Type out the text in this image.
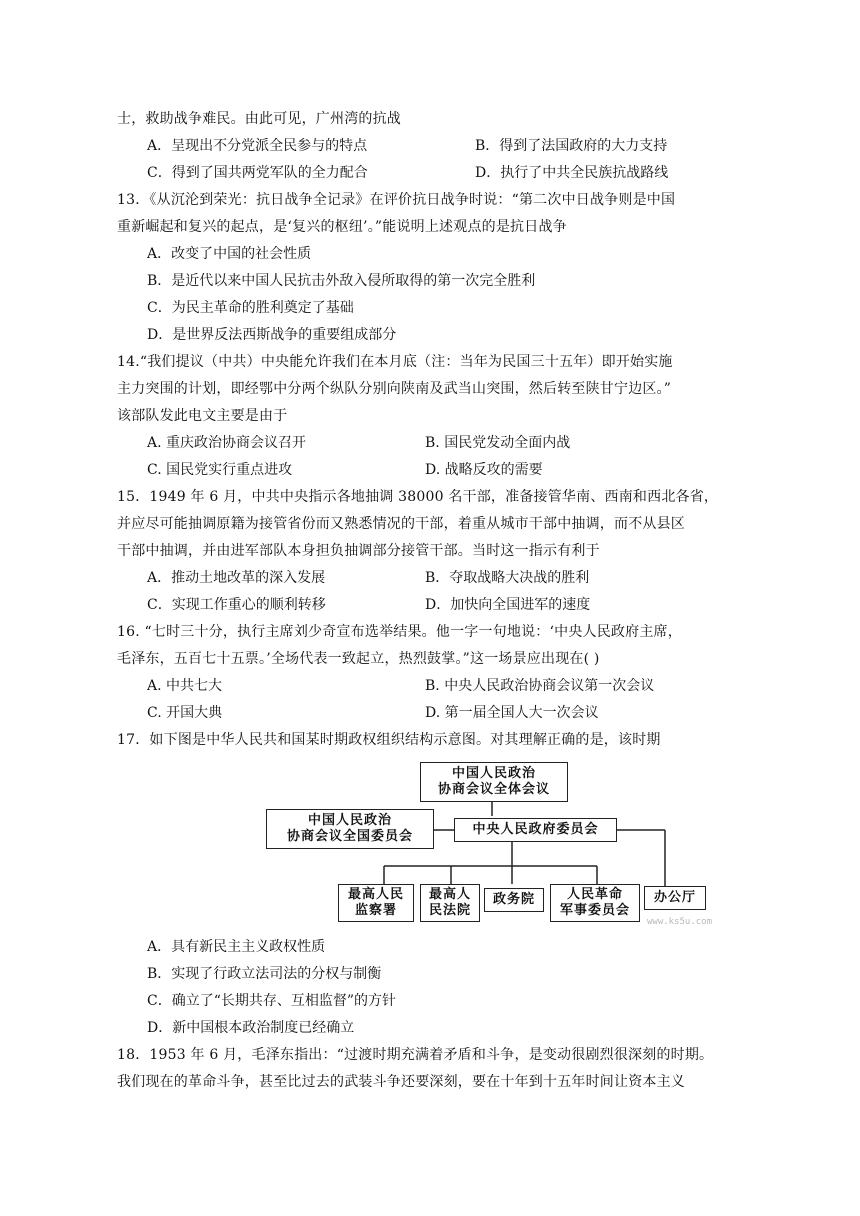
士，救助战争难民。由此可见，广州湾的抗战
A．呈现出不分党派全民参与的特点	B．得到了法国政府的大力支持
C．得到了国共两党军队的全力配合	D．执行了中共全民族抗战路线
13．《从沉沦到荣光：抗日战争全记录》在评价抗日战争时说：“第二次中日战争则是中国
重新崛起和复兴的起点，是‘复兴的枢纽’。”能说明上述观点的是抗日战争
A．改变了中国的社会性质
B．是近代以来中国人民抗击外敌入侵所取得的第一次完全胜利
C．为民主革命的胜利奠定了基础
D．是世界反法西斯战争的重要组成部分
14.“我们提议（中共）中央能允许我们在本月底（注：当年为民国三十五年）即开始实施
主力突围的计划，即经鄂中分两个纵队分别向陕南及武当山突围，然后转至陕甘宁边区。”
该部队发此电文主要是由于
A. 重庆政治协商会议召开	B. 国民党发动全面内战
C. 国民党实行重点进攻	D. 战略反攻的需要
15．1949 年 6 月，中共中央指示各地抽调 38000 名干部，准备接管华南、西南和西北各省，
并应尽可能抽调原籍为接管省份而又熟悉情况的干部，着重从城市干部中抽调，而不从县区
干部中抽调，并由进军部队本身担负抽调部分接管干部。当时这一指示有利于
A．推动土地改革的深入发展	B．夺取战略大决战的胜利
C．实现工作重心的顺利转移	D．加快向全国进军的速度
16. “七时三十分，执行主席刘少奇宣布选举结果。他一字一句地说：‘中央人民政府主席，
毛泽东，五百七十五票。’全场代表一致起立，热烈鼓掌。”这一场景应出现在( )
A. 中共七大	B. 中央人民政治协商会议第一次会议
C. 开国大典	D. 第一届全国人大一次会议
17．如下图是中华人民共和国某时期政权组织结构示意图。对其理解正确的是，该时期
中国人民政治
协商会议全体会议
中国人民政治
协商会议全国委员会	中央人民政府委员会
最高人民
监察署
最高人
民法院
政务院 人民革命
军事委员会
办公厅
www.ks5u.com
A．具有新民主主义政权性质
B．实现了行政立法司法的分权与制衡
C．确立了“长期共存、互相监督”的方针
D．新中国根本政治制度已经确立
18．1953 年 6 月，毛泽东指出：“过渡时期充满着矛盾和斗争，是变动很剧烈很深刻的时期。
我们现在的革命斗争，甚至比过去的武装斗争还要深刻，要在十年到十五年时间让资本主义
